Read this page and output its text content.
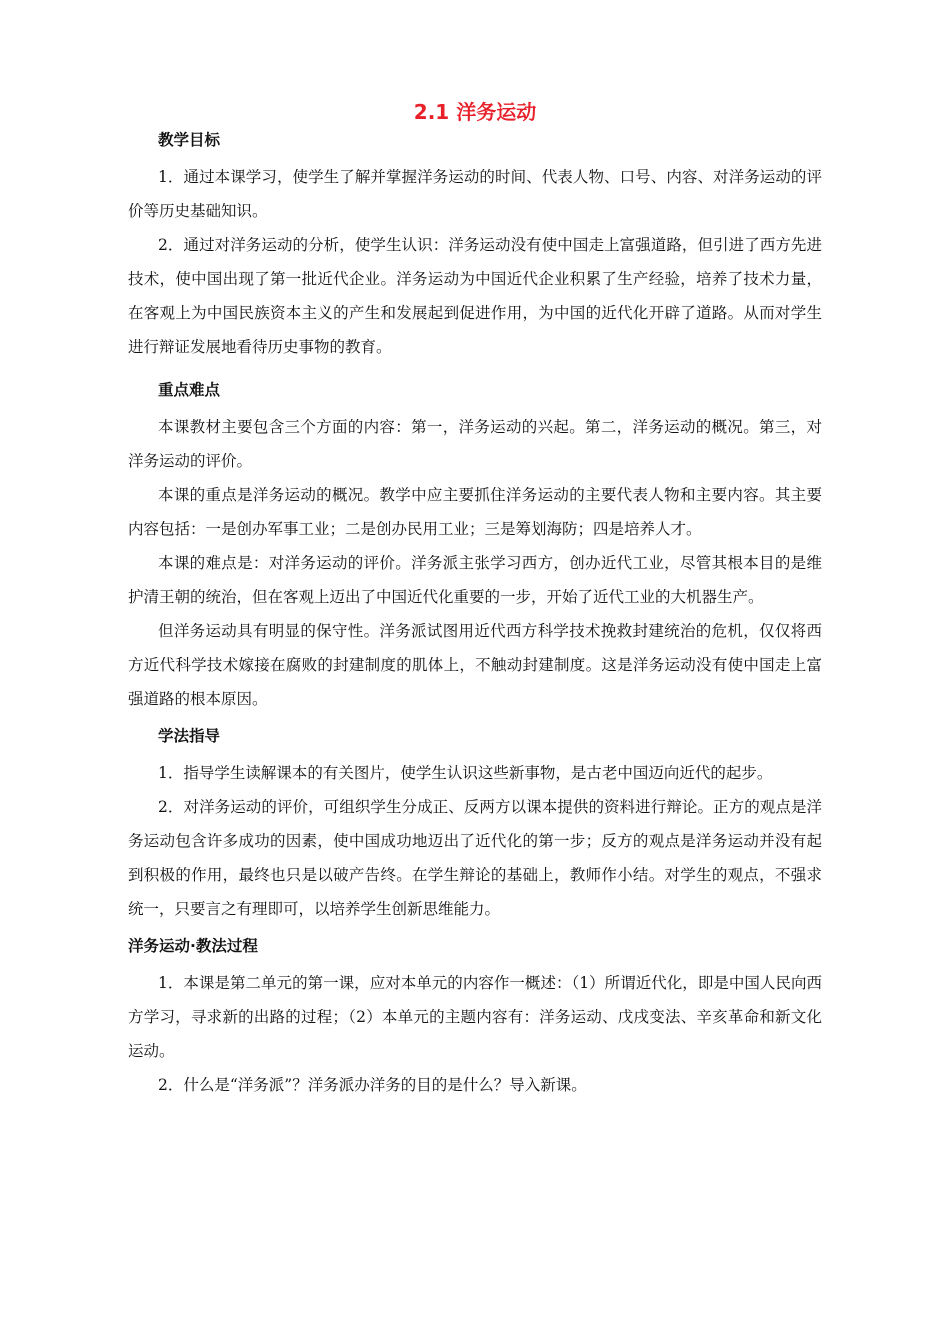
2.1 洋务运动
教学目标

1．通过本课学习，使学生了解并掌握洋务运动的时间、代表人物、口号、内容、对洋务运动的评价等历史基础知识。

2．通过对洋务运动的分析，使学生认识：洋务运动没有使中国走上富强道路，但引进了西方先进技术，使中国出现了第一批近代企业。洋务运动为中国近代企业积累了生产经验，培养了技术力量，在客观上为中国民族资本主义的产生和发展起到促进作用，为中国的近代化开辟了道路。从而对学生进行辩证发展地看待历史事物的教育。

重点难点

本课教材主要包含三个方面的内容：第一，洋务运动的兴起。第二，洋务运动的概况。第三，对洋务运动的评价。

本课的重点是洋务运动的概况。教学中应主要抓住洋务运动的主要代表人物和主要内容。其主要内容包括：一是创办军事工业；二是创办民用工业；三是筹划海防；四是培养人才。

本课的难点是：对洋务运动的评价。洋务派主张学习西方，创办近代工业，尽管其根本目的是维护清王朝的统治，但在客观上迈出了中国近代化重要的一步，开始了近代工业的大机器生产。

但洋务运动具有明显的保守性。洋务派试图用近代西方科学技术挽救封建统治的危机，仅仅将西方近代科学技术嫁接在腐败的封建制度的肌体上，不触动封建制度。这是洋务运动没有使中国走上富强道路的根本原因。

学法指导

1．指导学生读解课本的有关图片，使学生认识这些新事物，是古老中国迈向近代的起步。

2．对洋务运动的评价，可组织学生分成正、反两方以课本提供的资料进行辩论。正方的观点是洋务运动包含许多成功的因素，使中国成功地迈出了近代化的第一步；反方的观点是洋务运动并没有起到积极的作用，最终也只是以破产告终。在学生辩论的基础上，教师作小结。对学生的观点，不强求统一，只要言之有理即可，以培养学生创新思维能力。

洋务运动·教法过程

1．本课是第二单元的第一课，应对本单元的内容作一概述：（1）所谓近代化，即是中国人民向西方学习，寻求新的出路的过程；（2）本单元的主题内容有：洋务运动、戊戌变法、辛亥革命和新文化运动。

2．什么是“洋务派”？洋务派办洋务的目的是什么？导入新课。
